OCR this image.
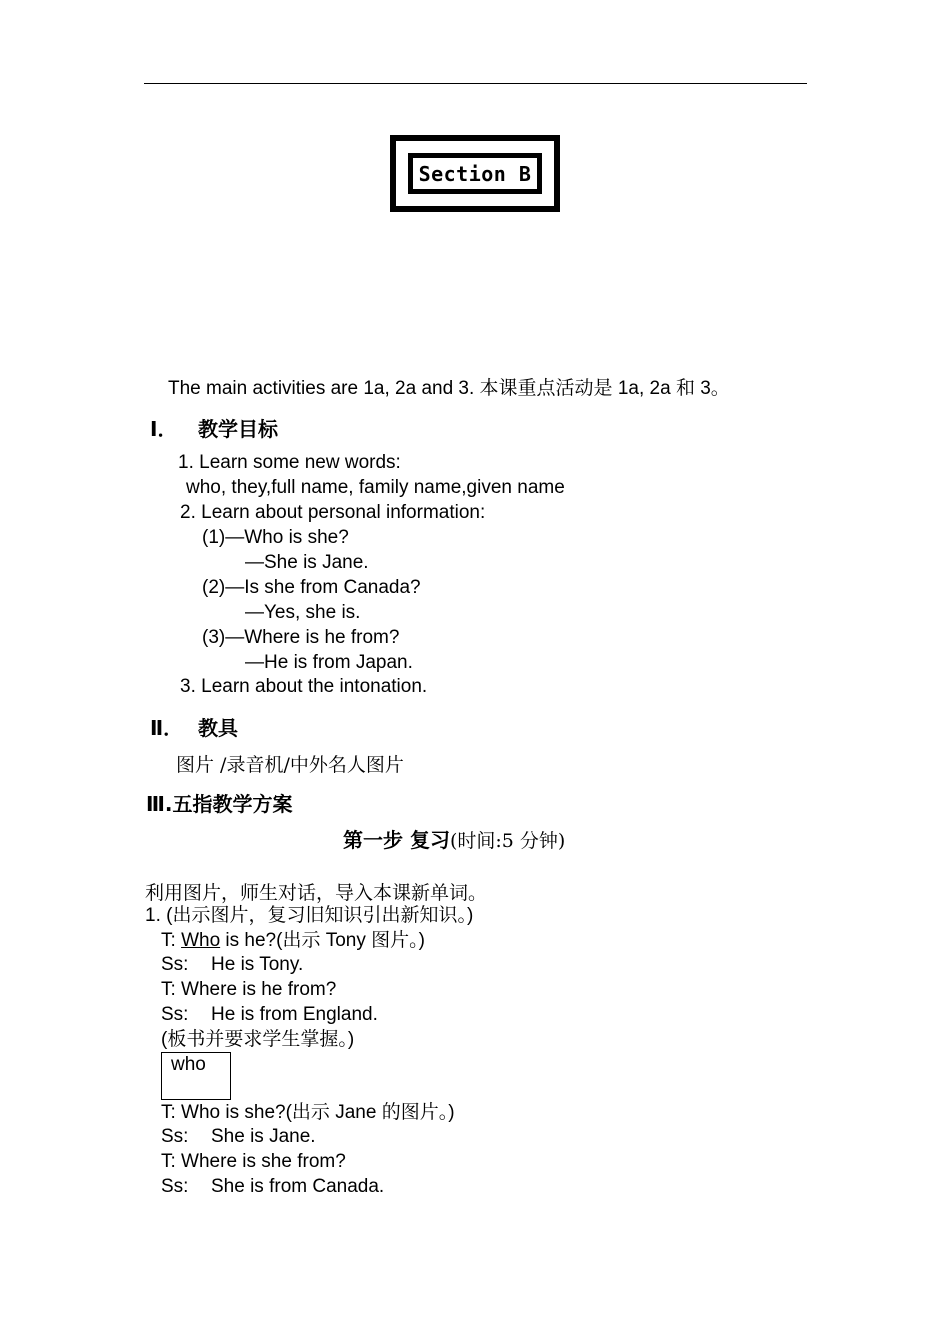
Section B
The main activities are 1a, 2a and 3. 本课重点活动是 1a, 2a 和 3。
Ⅰ． 教学目标
1. Learn some new words:
who, they,full name, family name,given name
2. Learn about personal information:
(1)—Who is she?
—She is Jane.
(2)—Is she from Canada?
—Yes, she is.
(3)—Where is he from?
—He is from Japan.
3. Learn about the intonation.
Ⅱ． 教具
图片 /录音机/中外名人图片
Ⅲ.五指教学方案
第一步 复习(时间:5 分钟)
利用图片，师生对话，导入本课新单词。
1. (出示图片，复习旧知识引出新知识。)
T: Who is he?(出示 Tony 图片。)
Ss: He is Tony.
T: Where is he from?
Ss: He is from England.
(板书并要求学生掌握。)
who
T: Who is she?(出示 Jane 的图片。)
Ss: She is Jane.
T: Where is she from?
Ss: She is from Canada.
